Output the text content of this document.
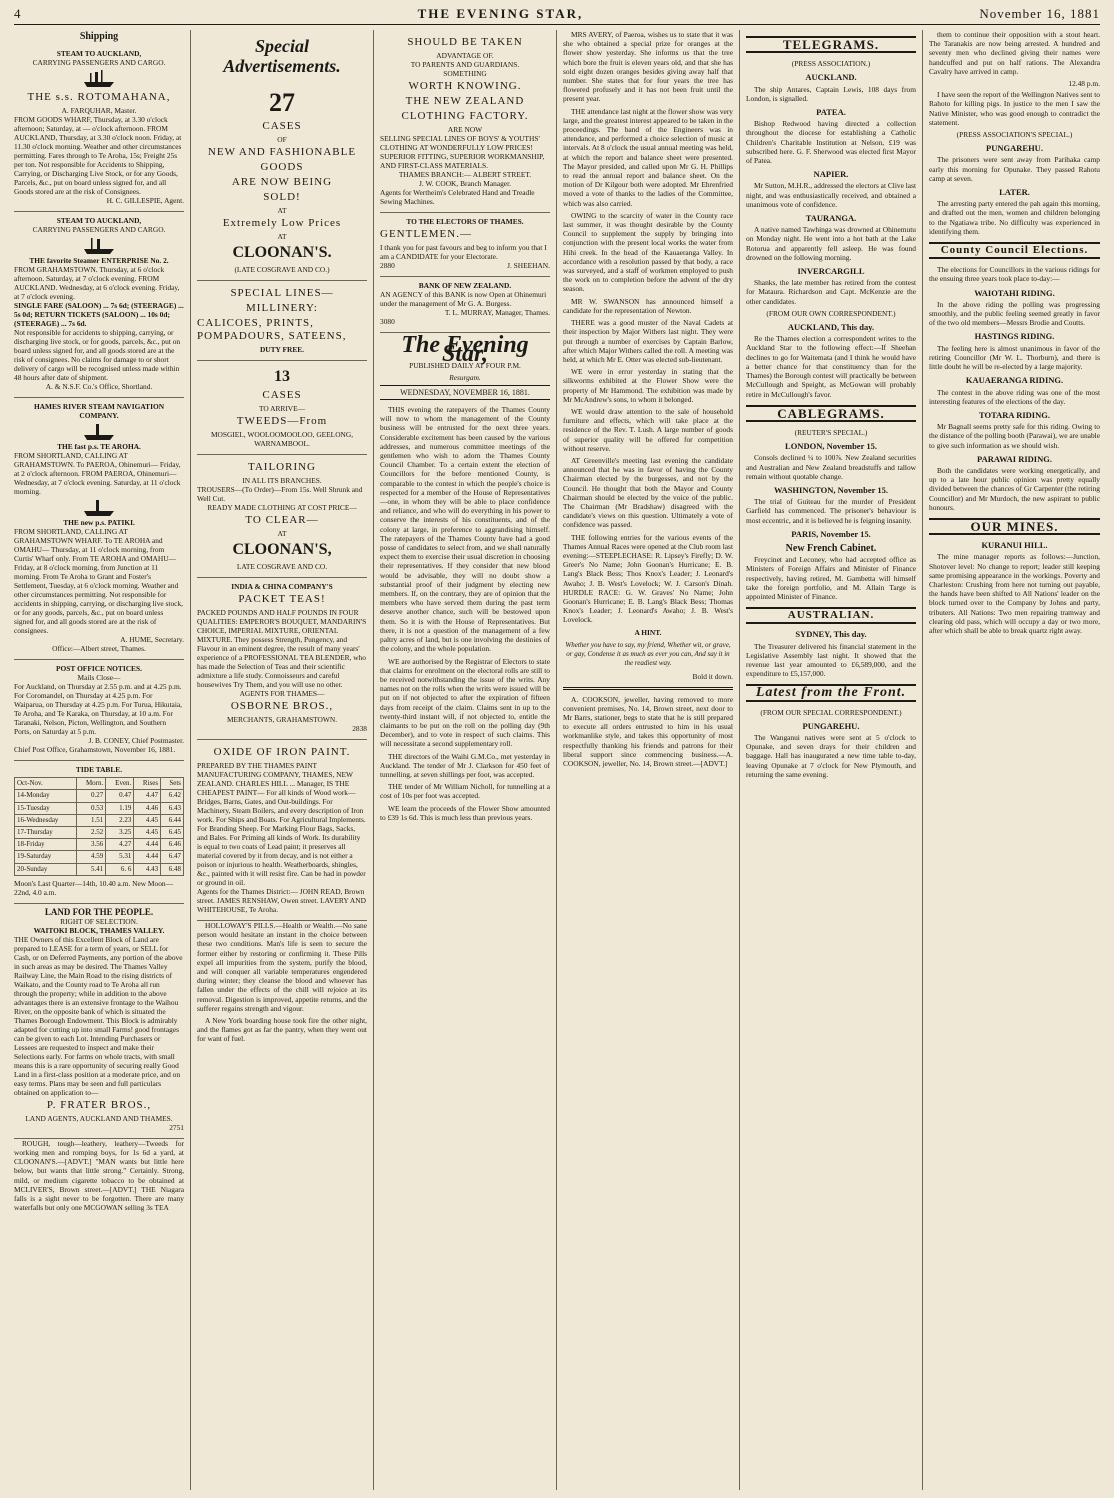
4	THE EVENING STAR,	November 16, 1881
Shipping
STEAM TO AUCKLAND,
CARRYING PASSENGERS AND CARGO.
THE s.s. ROTOMAHANA,
A. FARQUHAR, Master.
FROM GOODS WHARF, Thursday, at 3.30 o'clock afternoon; Saturday, at — o'clock afternoon. FROM AUCKLAND, Thursday, at 3.30 o'clock noon. Friday, at 11.30 o'clock morning. Weather and other circumstances permitting. Fares through to Te Aroha, 15s; Freight 25s per ton. Not responsible for Accidents to Shipping, Carrying, or Discharging Live Stock, or for any Goods, Parcels, &c., put on board unless signed for, and all Goods stored are at the risk of Consignees.
H. C. GILLESPIE, Agent.
STEAM TO AUCKLAND,
CARRYING PASSENGERS AND CARGO.
THE favorite Steamer ENTERPRISE No. 2.
FROM GRAHAMSTOWN. Thursday, at 6 o'clock afternoon. Saturday, at 7 o'clock evening. FROM AUCKLAND. Wednesday, at 6 o'clock evening. Friday, at 7 o'clock evening.
SINGLE FARE (SALOON) ... 7s 6d; (STEERAGE) ... 5s 0d; RETURN TICKETS (SALOON) ... 10s 0d; (STEERAGE) ... 7s 6d.
Not responsible for accidents to shipping, carrying, or discharging live stock, or for goods, parcels, &c., put on board unless signed for, and all goods stored are at the risk of consignees. No claims for damage to or short delivery of cargo will be recognised unless made within 48 hours after date of shipment.
A. & N.S.F. Co.'s Office, Shortland.
HAMES RIVER STEAM NAVIGATION COMPANY.
THE fast p.s. TE AROHA.
FROM SHORTLAND, CALLING AT GRAHAMSTOWN. To PAEROA, Ohinemuri— Friday, at 2 o'clock afternoon. FROM PAEROA, Ohinemuri— Wednesday, at 7 o'clock evening. Saturday, at 11 o'clock morning.
THE new p.s. PATIKI.
FROM SHORTLAND, CALLING AT GRAHAMSTOWN WHARF. To TE AROHA and OMAHU— Thursday, at 11 o'clock morning, from Curtis' Wharf only. From TE AROHA and OMAHU— Friday, at 8 o'clock morning, from Junction at 11 morning. From Te Aroha to Grant and Foster's Settlement, Tuesday, at 6 o'clock morning. Weather and other circumstances permitting. Not responsible for accidents in shipping, carrying, or discharging live stock, or for any goods, parcels, &c., put on board unless signed for, and all goods stored are at the risk of consignees.
A. HUME, Secretary.
Office:—Albert street, Thames.
POST OFFICE NOTICES.
Mails Close—
For Auckland, on Thursday at 2.55 p.m. and at 4.25 p.m. For Coromandel, on Thursday at 4.25 p.m. For Waiparua, on Thursday at 4.25 p.m. For Turua, Hikutaia, Te Aroha, and Te Karaka, on Thursday, at 10 a.m. For Taranaki, Nelson, Picton, Wellington, and Southern Ports, on Saturday at 5 p.m.
J. B. CONEY, Chief Postmaster.
Chief Post Office, Grahamstown, November 16, 1881.
TIDE TABLE.
Oct-Nov.	Morn.	Even.	Rises	Sets
14-Monday	0.27	0.47	4.47	6.42
15-Tuesday	0.53	1.19	4.46	6.43
16-Wednesday	1.51	2.23	4.45	6.44
17-Thursday	2.52	3.25	4.45	6.45
18-Friday	3.56	4.27	4.44	6.46
19-Saturday	4.59	5.31	4.44	6.47
20-Sunday	5.41	6. 6	4.43	6.48
Moon's Last Quarter—14th, 10.40 a.m. New Moon—22nd, 4.0 a.m.
LAND FOR THE PEOPLE.
RIGHT OF SELECTION.
WAITOKI BLOCK, THAMES VALLEY.
THE Owners of this Excellent Block of Land are prepared to LEASE for a term of years, or SELL for Cash, or on Deferred Payments, any portion of the above in such areas as may be desired. The Thames Valley Railway Line, the Main Road to the rising districts of Waikato, and the County road to Te Aroha all run through the property; while in addition to the above advantages there is an extensive frontage to the Waihou River, on the opposite bank of which is situated the Thames Borough Endowment. This Block is admirably adapted for cutting up into small Farms! good frontages can be given to each Lot. Intending Purchasers or Lessees are requested to inspect and make their Selections early. For farms on whole tracts, with small means this is a rare opportunity of securing really Good Land in a first-class position at a moderate price, and on easy terms. Plans may be seen and full particulars obtained on application to—
P. FRATER BROS.,
LAND AGENTS, AUCKLAND AND THAMES.
2751

ROUGH, tough—leathery, leathery—Tweeds for working men and romping boys, for 1s 6d a yard, at CLOONAN'S.—[ADVT.] "MAN wants but little here below, but wants that little strong." Certainly. Strong, mild, or medium cigarette tobacco to be obtained at MCLIVER'S, Brown street.—[ADVT.] THE Niagara falls is a sight never to be forgotten. There are many waterfalls but only one MCGOWAN selling 3s TEA

Special Advertisements.
27
CASES
OF
NEW AND FASHIONABLE
GOODS
ARE NOW BEING
SOLD!
AT
Extremely Low Prices
AT
CLOONAN'S.
(LATE COSGRAVE AND CO.)
SPECIAL LINES—
MILLINERY:
CALICOES, PRINTS, POMPADOURS, SATEENS,
DUTY FREE.
13
CASES
TO ARRIVE—
TWEEDS—From
MOSGIEL, WOOLOOMOOLOO, GEELONG, WARNAMBOOL.
TAILORING
IN ALL ITS BRANCHES.
TROUSERS—(To Order)—From 15s. Well Shrunk and Well Cut.
READY MADE CLOTHING AT COST PRICE—
TO CLEAR—
AT
CLOONAN'S,
LATE COSGRAVE AND CO.
INDIA & CHINA COMPANY'S
PACKET TEAS!
PACKED POUNDS AND HALF POUNDS IN FOUR QUALITIES: EMPEROR'S BOUQUET, MANDARIN'S CHOICE, IMPERIAL MIXTURE, ORIENTAL MIXTURE. They possess Strength, Pungency, and Flavour in an eminent degree, the result of many years' experience of a PROFESSIONAL TEA BLENDER, who has made the Selection of Teas and their scientific admixture a life study. Connoisseurs and careful housewives Try Them, and you will use no other.
AGENTS FOR THAMES—
OSBORNE BROS.,
MERCHANTS, GRAHAMSTOWN.
2838
OXIDE OF IRON PAINT.
PREPARED BY THE THAMES PAINT MANUFACTURING COMPANY, THAMES, NEW ZEALAND. CHARLES HILL ... Manager, IS THE CHEAPEST PAINT— For all kinds of Wood work—Bridges, Barns, Gates, and Out-buildings. For Machinery, Steam Boilers, and every description of Iron work. For Ships and Boats. For Agricultural Implements. For Branding Sheep. For Marking Flour Bags, Sacks, and Bales. For Priming all kinds of Work. Its durability is equal to two coats of Lead paint; it preserves all material covered by it from decay, and is not either a poison or injurious to health. Weatherboards, shingles, &c., painted with it will resist fire. Can be had in powder or ground in oil.
Agents for the Thames District:— JOHN READ, Brown street. JAMES RENSHAW, Owen street. LAVERY AND WHITEHOUSE, Te Aroha.

HOLLOWAY'S PILLS.—Health or Wealth.—No sane person would hesitate an instant in the choice between these two conditions. Man's life is seen to secure the former either by restoring or confirming it. These Pills expel all impurities from the system, purify the blood, and will conquer all variable temperatures engendered during winter; they cleanse the blood and whoever has fallen under the effects of the chill will rejoice at its removal. Digestion is improved, appetite returns, and the sufferer regains strength and vigour.

A New York boarding house took fire the other night, and the flames got as far the pantry, when they went out for want of fuel.

SHOULD BE TAKEN
ADVANTAGE OF.
TO PARENTS AND GUARDIANS.
SOMETHING
WORTH KNOWING.
THE NEW ZEALAND
CLOTHING FACTORY.
ARE NOW
SELLING SPECIAL LINES OF BOYS' & YOUTHS' CLOTHING AT WONDERFULLY LOW PRICES! SUPERIOR FITTING, SUPERIOR WORKMANSHIP, AND FIRST-CLASS MATERIALS.
THAMES BRANCH:— ALBERT STREET.
J. W. COOK, Branch Manager.
Agents for Wertheim's Celebrated Hand and Treadle Sewing Machines.
TO THE ELECTORS OF THAMES.
GENTLEMEN.—
I thank you for past favours and beg to inform you that I am a CANDIDATE for your Electorate.
2880	J. SHEEHAN.
BANK OF NEW ZEALAND.
AN AGENCY of this BANK is now Open at Ohinemuri under the management of Mr G. A. Burgess.
T. L. MURRAY, Manager, Thames.
3080
The Evening Star,
PUBLISHED DAILY AT FOUR P.M.
Resurgam.
WEDNESDAY, NOVEMBER 16, 1881.

THIS evening the ratepayers of the Thames County will now to whom the management of the County business will be entrusted for the next three years. Considerable excitement has been caused by the various addresses, and numerous committee meetings of the gentlemen who wish to adorn the Thames County Council Chamber. To a certain extent the election of Councillors for the before mentioned County, is comparable to the contest in which the people's choice is respected for a member of the House of Representatives—one, in whom they will be able to place confidence and reliance, and who will do everything in his power to conserve the interests of his constituents, and of the colony at large, in preference to aggrandising himself. The ratepayers of the Thames County have had a good posse of candidates to select from, and we shall naturally expect them to exercise their usual discretion in choosing their representatives. If they consider that new blood would be advisable, they will no doubt show a substantial proof of their judgment by electing new members. If, on the contrary, they are of opinion that the members who have served them during the past term deserve another chance, such will be bestowed upon them. So it is with the House of Representatives. But there, it is not a question of the management of a few paltry acres of land, but is one involving the destinies of the colony, and the whole population.

WE are authorised by the Registrar of Electors to state that claims for enrolment on the electoral rolls are still to be received notwithstanding the issue of the writs. Any names not on the rolls when the writs were issued will be put on if not objected to after the expiration of fifteen days from receipt of the claim. Claims sent in up to the twenty-third instant will, if not objected to, entitle the claimants to be put on the roll on the polling day (9th December), and to vote in respect of such claims. This will necessitate a second supplementary roll.

THE directors of the Waihi G.M.Co., met yesterday in Auckland. The tender of Mr J. Clarkson for 450 feet of tunnelling, at seven shillings per foot, was accepted.

THE tender of Mr William Nicholl, for tunnelling at a cost of 10s per foot was accepted.

WE learn the proceeds of the Flower Show amounted to £39 1s 6d. This is much less than previous years.

MRS AVERY, of Paeroa, wishes us to state that it was she who obtained a special prize for oranges at the flower show yesterday. She informs us that the tree which bore the fruit is eleven years old, and that she has sold eight dozen oranges besides giving away half that number. She states that for four years the tree has flowered profusely and it has not been fruit until the present year.

THE attendance last night at the flower show was very large, and the greatest interest appeared to be taken in the proceedings. The band of the Engineers was in attendance, and performed a choice selection of music at intervals. At 8 o'clock the usual annual meeting was held, at which the report and balance sheet were presented. The Mayor presided, and called upon Mr G. H. Phillips to read the annual report and balance sheet. On the motion of Dr Kilgour both were adopted. Mr Ehrenfried moved a vote of thanks to the ladies of the Committee, which was also carried.

OWING to the scarcity of water in the County race last summer, it was thought desirable by the County Council to supplement the supply by bringing into conjunction with the present local works the water from Hihi creek. In the head of the Kauaeranga Valley. In accordance with a resolution passed by that body, a race was surveyed, and a staff of workmen employed to push the work on to completion before the advent of the dry season.

MR W. SWANSON has announced himself a candidate for the representation of Newton.

THERE was a good muster of the Naval Cadets at their inspection by Major Withers last night. They were put through a number of exercises by Captain Barlow, after which Major Withers called the roll. A meeting was held, at which Mr E. Otter was elected sub-lieutenant.

WE were in error yesterday in stating that the silkworms exhibited at the Flower Show were the property of Mr Hammond. The exhibition was made by Mr McAndrew's sons, to whom it belonged.

WE would draw attention to the sale of household furniture and effects, which will take place at the residence of the Rev. T. Lush. A large number of goods of superior quality will be offered for competition without reserve.

AT Greenville's meeting last evening the candidate announced that he was in favor of having the County Chairman elected by the burgesses, and not by the Council. He thought that both the Mayor and County Chairman should be elected by the voice of the public. The Chairman (Mr Bradshaw) disagreed with the candidate's views on this question. Ultimately a vote of confidence was passed.

THE following entries for the various events of the Thames Annual Races were opened at the Club room last evening:—STEEPLECHASE: R. Lipsey's Firefly; D. W. Greer's No Name; John Goonan's Hurricane; E. B. Lang's Black Bess; Thos Knox's Leader; J. Leonard's Awaho; J. B. West's Lovelock; W. J. Carson's Dinah. HURDLE RACE: G. W. Graves' No Name; John Goonan's Hurricane; E. B. Lang's Black Bess; Thomas Knox's Leader; J. Leonard's Awaho; J. B. West's Lovelock.

A HINT.
Whether you have to say, my friend, Whether wit, or grave, or gay, Condense it as much as ever you can, And say it in the readiest way.
Bold it down.

A. COOKSON, jeweller, having removed to more convenient premises, No. 14, Brown street, next door to Mr Barrs, stationer, begs to state that he is still prepared to execute all orders entrusted to him in his usual workmanlike style, and takes this opportunity of most respectfully thanking his friends and patrons for their liberal support since commencing business.—A. COOKSON, jeweller, No. 14, Brown street.—[ADVT.]

TELEGRAMS.
(PRESS ASSOCIATION.)
AUCKLAND.

The ship Antares, Captain Lewis, 108 days from London, is signalled.

PATEA.

Bishop Redwood having directed a collection throughout the diocese for establishing a Catholic Children's Charitable Institution at Nelson, £19 was subscribed here. G. F. Sherwood was elected first Mayor of Patea.

NAPIER.

Mr Sutton, M.H.R., addressed the electors at Clive last night, and was enthusiastically received, and obtained a unanimous vote of confidence.

TAURANGA.

A native named Tawhinga was drowned at Ohinemutu on Monday night. He went into a hot bath at the Lake Rotorua and apparently fell asleep. He was found drowned on the following morning.

INVERCARGILL

Shanks, the late member has retired from the contest for Mataura. Richardson and Capt. McKenzie are the other candidates.

(FROM OUR OWN CORRESPONDENT.)
AUCKLAND, This day.

Re the Thames election a correspondent writes to the Auckland Star to the following effect:—If Sheehan declines to go for Waitemata (and I think he would have a better chance for that constituency than for the Thames) the Borough contest will practically be between McCullough and Speight, as McGowan will probably retire in McCullough's favor.

CABLEGRAMS.
(REUTER'S SPECIAL.)
LONDON, November 15.

Consols declined ¼ to 100⅞. New Zealand securities and Australian and New Zealand breadstuffs and tallow remain without quotable change.

WASHINGTON, November 15.

The trial of Guiteau for the murder of President Garfield has commenced. The prisoner's behaviour is most eccentric, and it is believed he is feigning insanity.

PARIS, November 15.
New French Cabinet.

Freycinet and Leconey, who had accepted office as Ministers of Foreign Affairs and Minister of Finance respectively, having retired, M. Gambetta will himself take the foreign portfolio, and M. Allain Targe is appointed Minister of Finance.

AUSTRALIAN.
SYDNEY, This day.

The Treasurer delivered his financial statement in the Legislative Assembly last night. It showed that the revenue last year amounted to £6,589,000, and the expenditure to £5,157,000.

Latest from the Front.
(FROM OUR SPECIAL CORRESPONDENT.)
PUNGAREHU.

The Wanganui natives were sent at 5 o'clock to Opunake, and seven drays for their children and baggage. Hall has inaugurated a new time table to-day, leaving Opunake at 7 o'clock for New Plymouth, and returning the same evening.

them to continue their opposition with a stout heart. The Taranakis are now being arrested. A hundred and seventy men who declined giving their names were handcuffed and put on half rations. The Alexandra Cavalry have arrived in camp.

12.48 p.m.

I have seen the report of the Wellington Natives sent to Rahoto for killing pigs. In justice to the men I saw the Native Minister, who was good enough to contradict the statement.

(PRESS ASSOCIATION'S SPECIAL.)
PUNGAREHU.

The prisoners were sent away from Parihaka camp early this morning for Opunake. They passed Rahotu camp at seven.

LATER.

The arresting party entered the pah again this morning, and drafted out the men, women and children belonging to the Ngatiawa tribe. No difficulty was experienced in identifying them.

County Council Elections.

The elections for Councillors in the various ridings for the ensuing three years took place to-day:—

WAIOTAHI RIDING.

In the above riding the polling was progressing smoothly, and the public feeling seemed greatly in favor of the two old members—Messrs Brodie and Coutts.

HASTINGS RIDING.

The feeling here is almost unanimous in favor of the retiring Councillor (Mr W. L. Thorburn), and there is little doubt he will be re-elected by a large majority.

KAUAERANGA RIDING.

The contest in the above riding was one of the most interesting features of the elections of the day.

TOTARA RIDING.

Mr Bagnall seems pretty safe for this riding. Owing to the distance of the polling booth (Parawai), we are unable to give such information as we should wish.

PARAWAI RIDING.

Both the candidates were working energetically, and up to a late hour public opinion was pretty equally divided between the chances of Gr Carpenter (the retiring Councillor) and Mr Murdoch, the new aspirant to public honours.

OUR MINES.
KURANUI HILL.

The mine manager reports as follows:—Junction, Shotover level: No change to report; leader still keeping same promising appearance in the workings. Poverty and Charleston: Crushing from here not turning out payable, the hands have been shifted to All Nations' leader on the block turned over to the Company by Johns and party, tributers. All Nations: Two men repairing tramway and clearing old pass, which will occupy a day or two more, after which shall be able to break quartz right away.
